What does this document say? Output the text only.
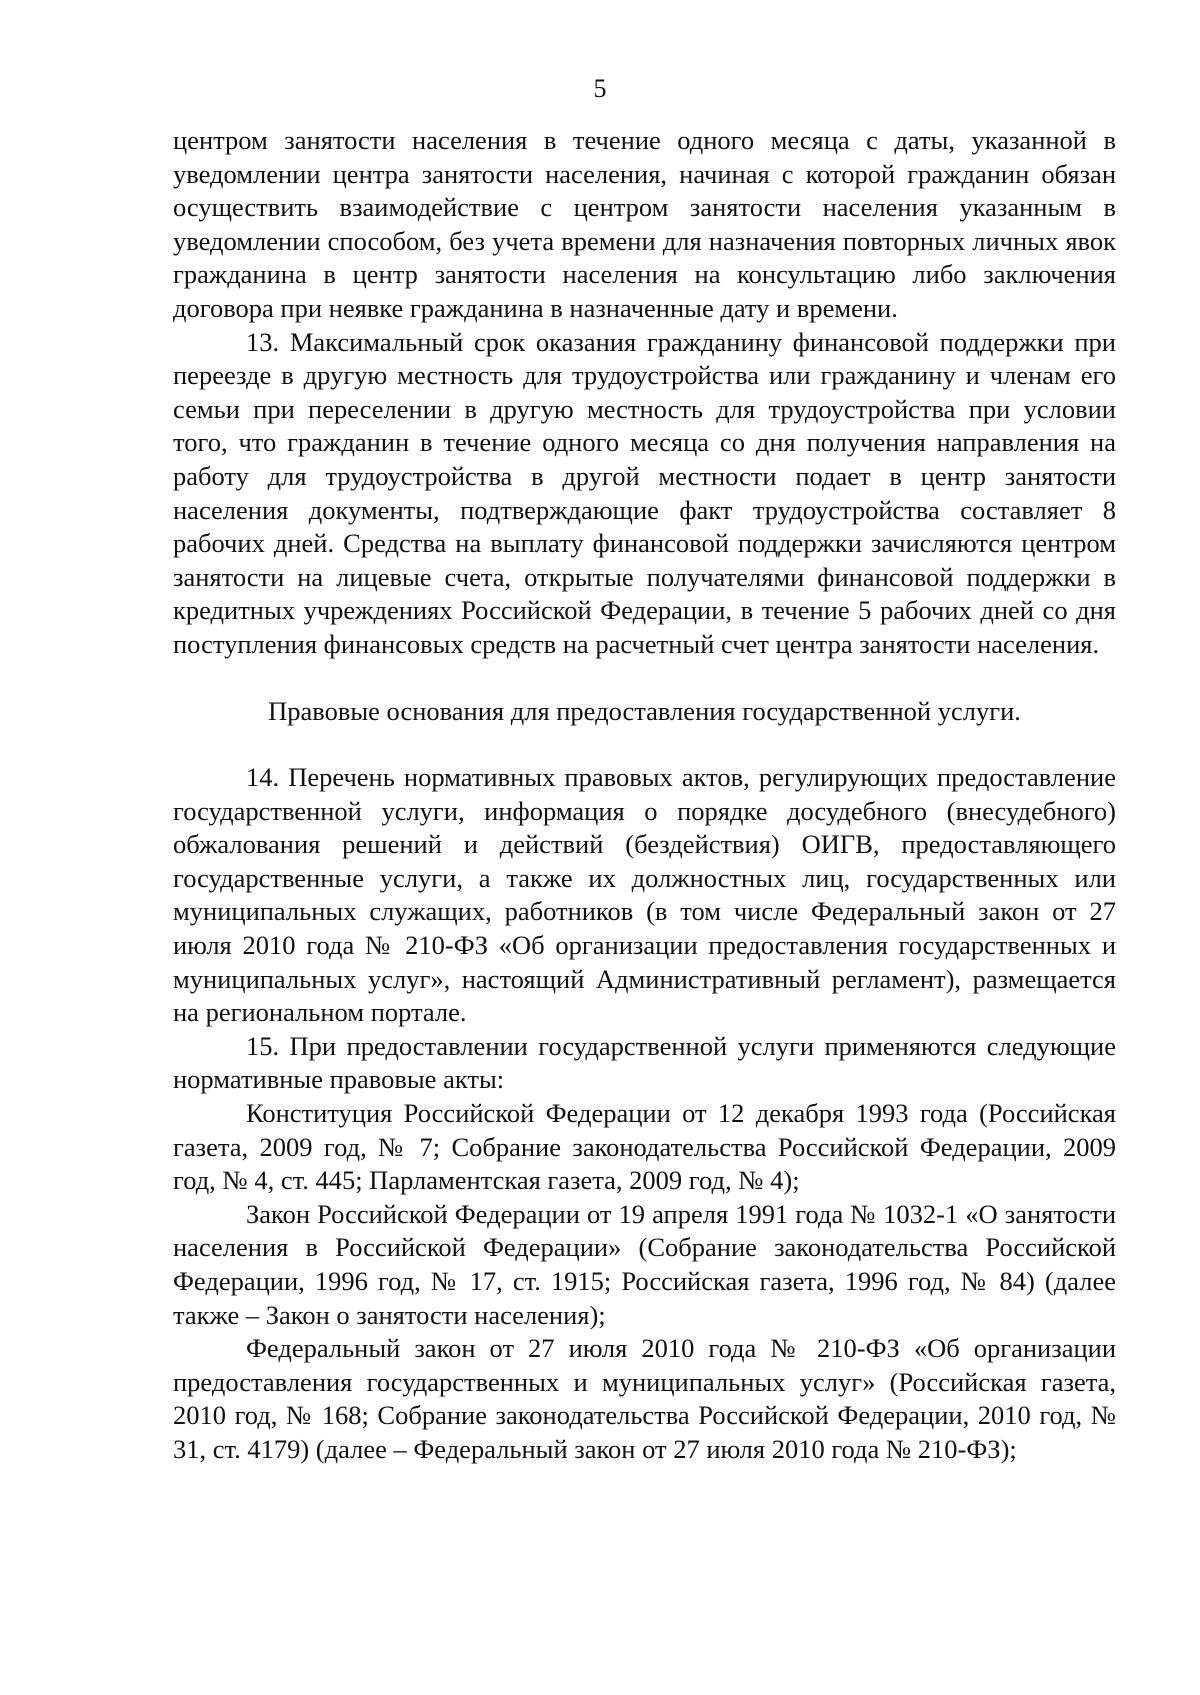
5

центром занятости населения в течение одного месяца с даты, указанной в уведомлении центра занятости населения, начиная с которой гражданин обязан осуществить взаимодействие с центром занятости населения указанным в уведомлении способом, без учета времени для назначения повторных личных явок гражданина в центр занятости населения на консультацию либо заключения договора при неявке гражданина в назначенные дату и времени.

13. Максимальный срок оказания гражданину финансовой поддержки при переезде в другую местность для трудоустройства или гражданину и членам его семьи при переселении в другую местность для трудоустройства при условии того, что гражданин в течение одного месяца со дня получения направления на работу для трудоустройства в другой местности подает в центр занятости населения документы, подтверждающие факт трудоустройства составляет 8 рабочих дней. Средства на выплату финансовой поддержки зачисляются центром занятости на лицевые счета, открытые получателями финансовой поддержки в кредитных учреждениях Российской Федерации, в течение 5 рабочих дней со дня поступления финансовых средств на расчетный счет центра занятости населения.

Правовые основания для предоставления государственной услуги.

14. Перечень нормативных правовых актов, регулирующих предоставление государственной услуги, информация о порядке досудебного (внесудебного) обжалования решений и действий (бездействия) ОИГВ, предоставляющего государственные услуги, а также их должностных лиц, государственных или муниципальных служащих, работников (в том числе Федеральный закон от 27 июля 2010 года № 210-ФЗ «Об организации предоставления государственных и муниципальных услуг», настоящий Административный регламент), размещается на региональном портале.

15. При предоставлении государственной услуги применяются следующие нормативные правовые акты:

Конституция Российской Федерации от 12 декабря 1993 года (Российская газета, 2009 год, № 7; Собрание законодательства Российской Федерации, 2009 год, № 4, ст. 445; Парламентская газета, 2009 год, № 4);

Закон Российской Федерации от 19 апреля 1991 года № 1032-1 «О занятости населения в Российской Федерации» (Собрание законодательства Российской Федерации, 1996 год, № 17, ст. 1915; Российская газета, 1996 год, № 84) (далее также – Закон о занятости населения);

Федеральный закон от 27 июля 2010 года № 210-ФЗ «Об организации предоставления государственных и муниципальных услуг» (Российская газета, 2010 год, № 168; Собрание законодательства Российской Федерации, 2010 год, № 31, ст. 4179) (далее – Федеральный закон от 27 июля 2010 года № 210-ФЗ);
